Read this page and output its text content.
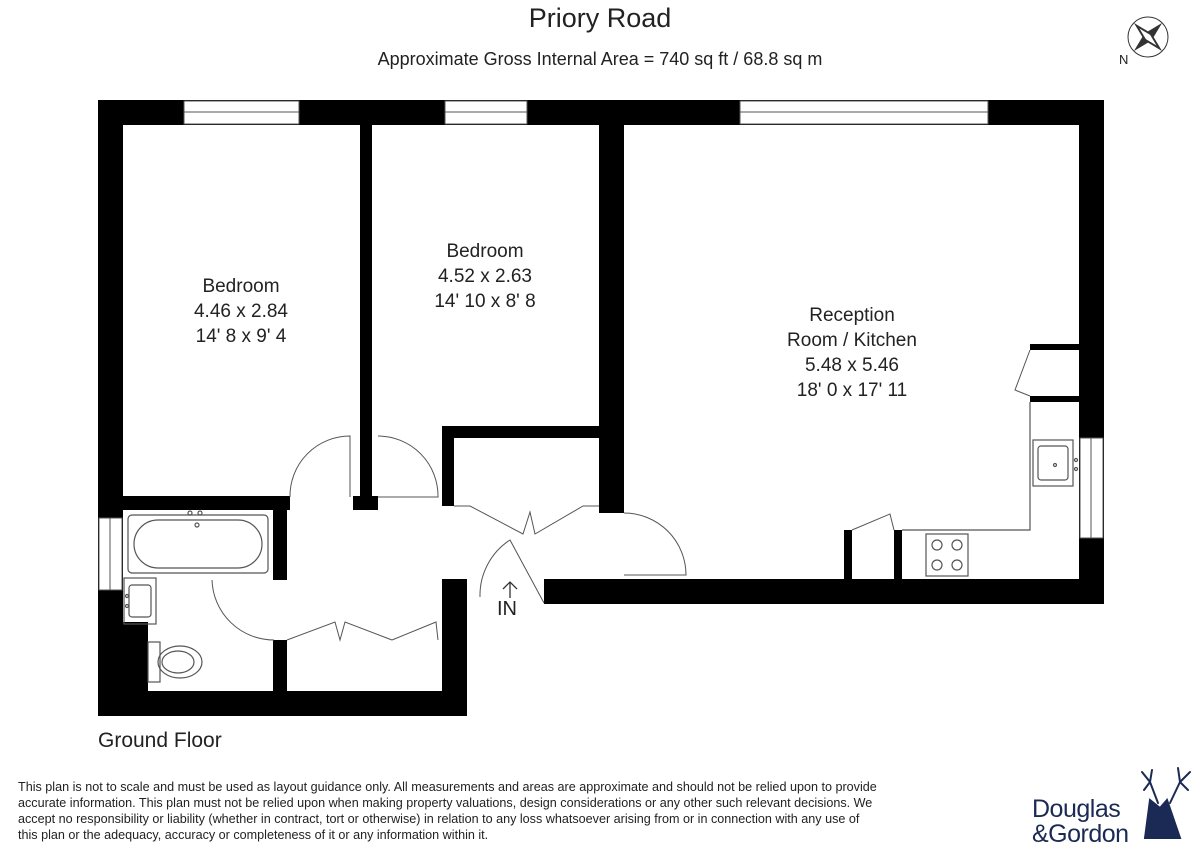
Priory Road
Approximate Gross Internal Area = 740 sq ft / 68.8 sq m
Bedroom
4.46 x 2.84
14' 8 x 9' 4
Bedroom
4.52 x 2.63
14' 10 x 8' 8
Reception
Room / Kitchen
5.48 x 5.46
18' 0 x 17' 11
IN
N
Ground Floor
This plan is not to scale and must be used as layout guidance only. All measurements and areas are approximate and should not be relied upon to provide accurate information. This plan must not be relied upon when making property valuations, design considerations or any other such relevant decisions. We accept no responsibility or liability (whether in contract, tort or otherwise) in relation to any loss whatsoever arising from or in connection with any use of this plan or the adequacy, accuracy or completeness of it or any information within it.
Douglas
&Gordon
